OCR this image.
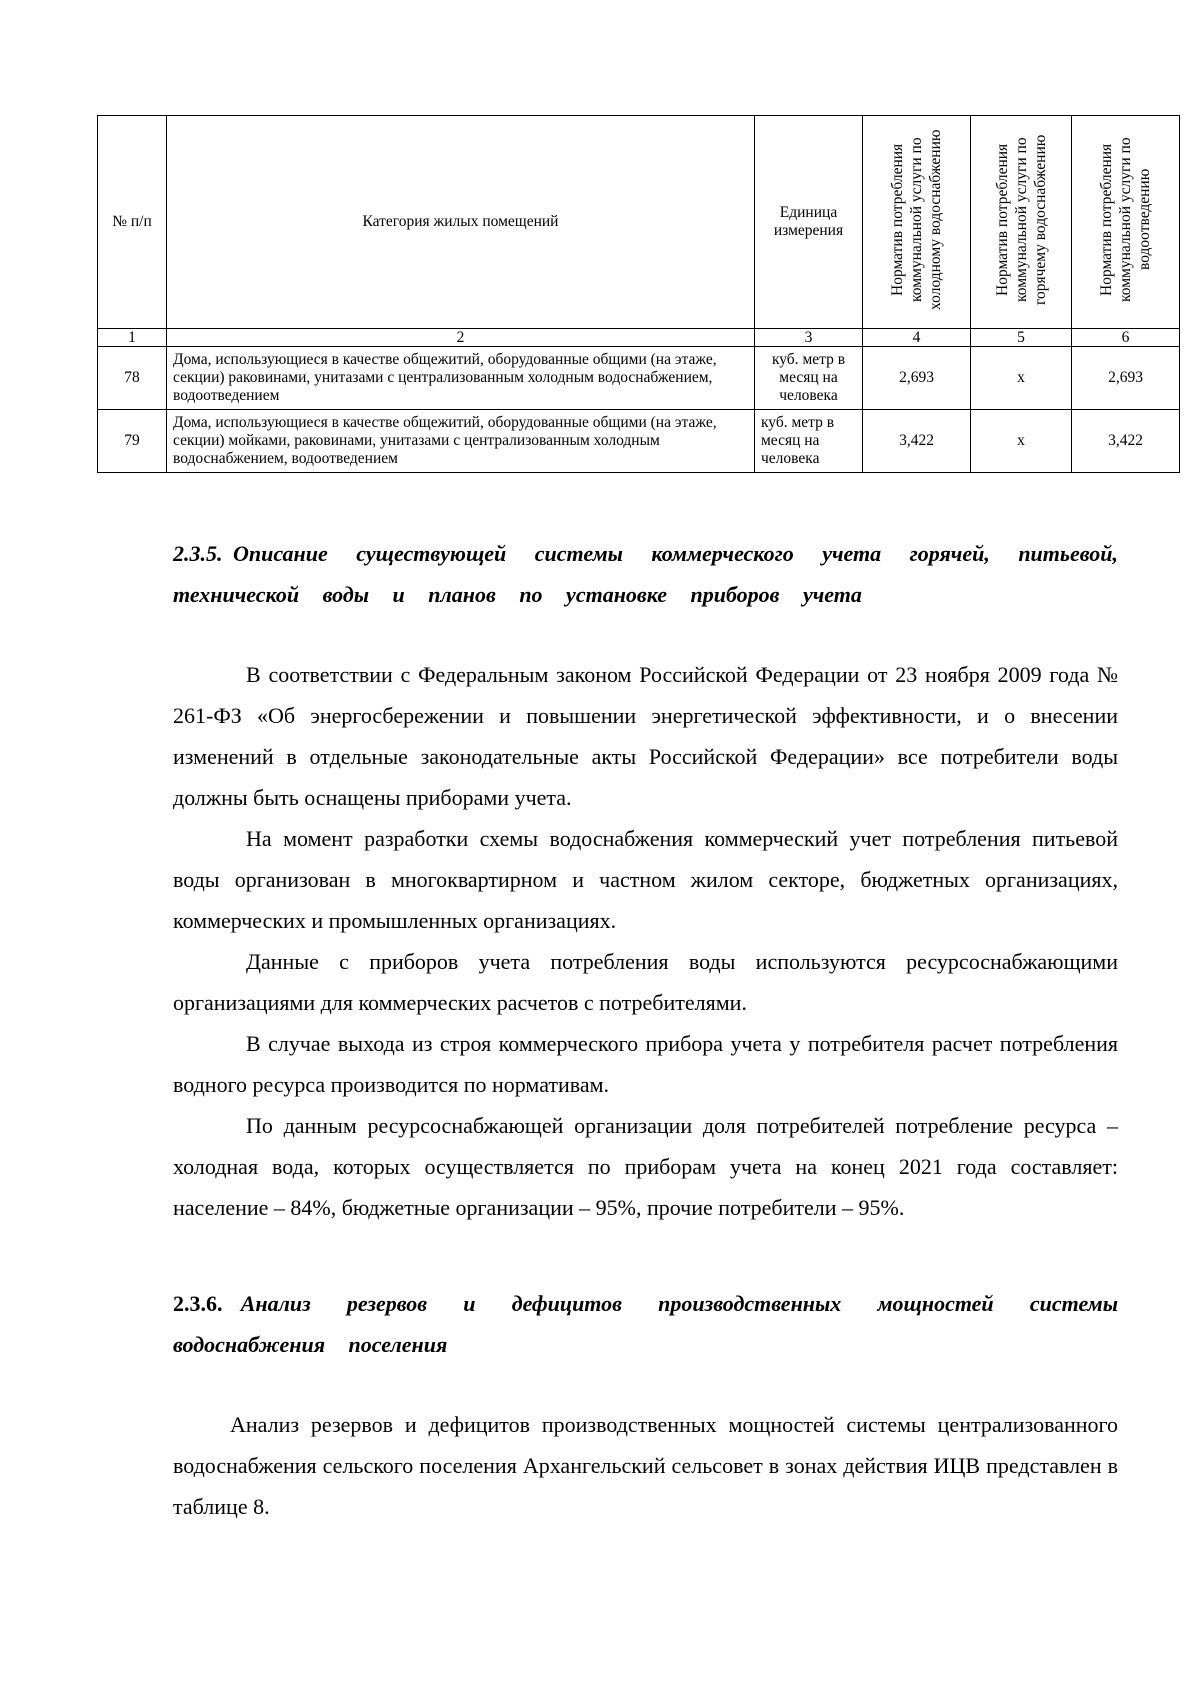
№ п/п	Категория жилых помещений	Единица измерения	Норматив потребления коммунальной услуги по холодному водоснабжению	Норматив потребления коммунальной услуги по горячему водоснабжению	Норматив потребления коммунальной услуги по водоотведению
1	2	3	4	5	6
78	Дома, использующиеся в качестве общежитий, оборудованные общими (на этаже, секции) раковинами, унитазами с централизованным холодным водоснабжением, водоотведением	куб. метр в месяц на человека	2,693	x	2,693
79	Дома, использующиеся в качестве общежитий, оборудованные общими (на этаже, секции) мойками, раковинами, унитазами с централизованным холодным водоснабжением, водоотведением	куб. метр в месяц на человека	3,422	x	3,422
2.3.5. Описание существующей системы коммерческого учета горячей, питьевой, технической воды и планов по установке приборов учета

В соответствии с Федеральным законом Российской Федерации от 23 ноября 2009 года № 261-ФЗ «Об энергосбережении и повышении энергетической эффективности, и о внесении изменений в отдельные законодательные акты Российской Федерации» все потребители воды должны быть оснащены приборами учета.

На момент разработки схемы водоснабжения коммерческий учет потребления питьевой воды организован в многоквартирном и частном жилом секторе, бюджетных организациях, коммерческих и промышленных организациях.

Данные с приборов учета потребления воды используются ресурсоснабжающими организациями для коммерческих расчетов с потребителями.

В случае выхода из строя коммерческого прибора учета у потребителя расчет потребления водного ресурса производится по нормативам.

По данным ресурсоснабжающей организации доля потребителей потребление ресурса – холодная вода, которых осуществляется по приборам учета на конец 2021 года составляет: население – 84%, бюджетные организации – 95%, прочие потребители – 95%.

2.3.6. Анализ резервов и дефицитов производственных мощностей системы водоснабжения поселения

Анализ резервов и дефицитов производственных мощностей системы централизованного водоснабжения сельского поселения Архангельский сельсовет в зонах действия ИЦВ представлен в таблице 8.
